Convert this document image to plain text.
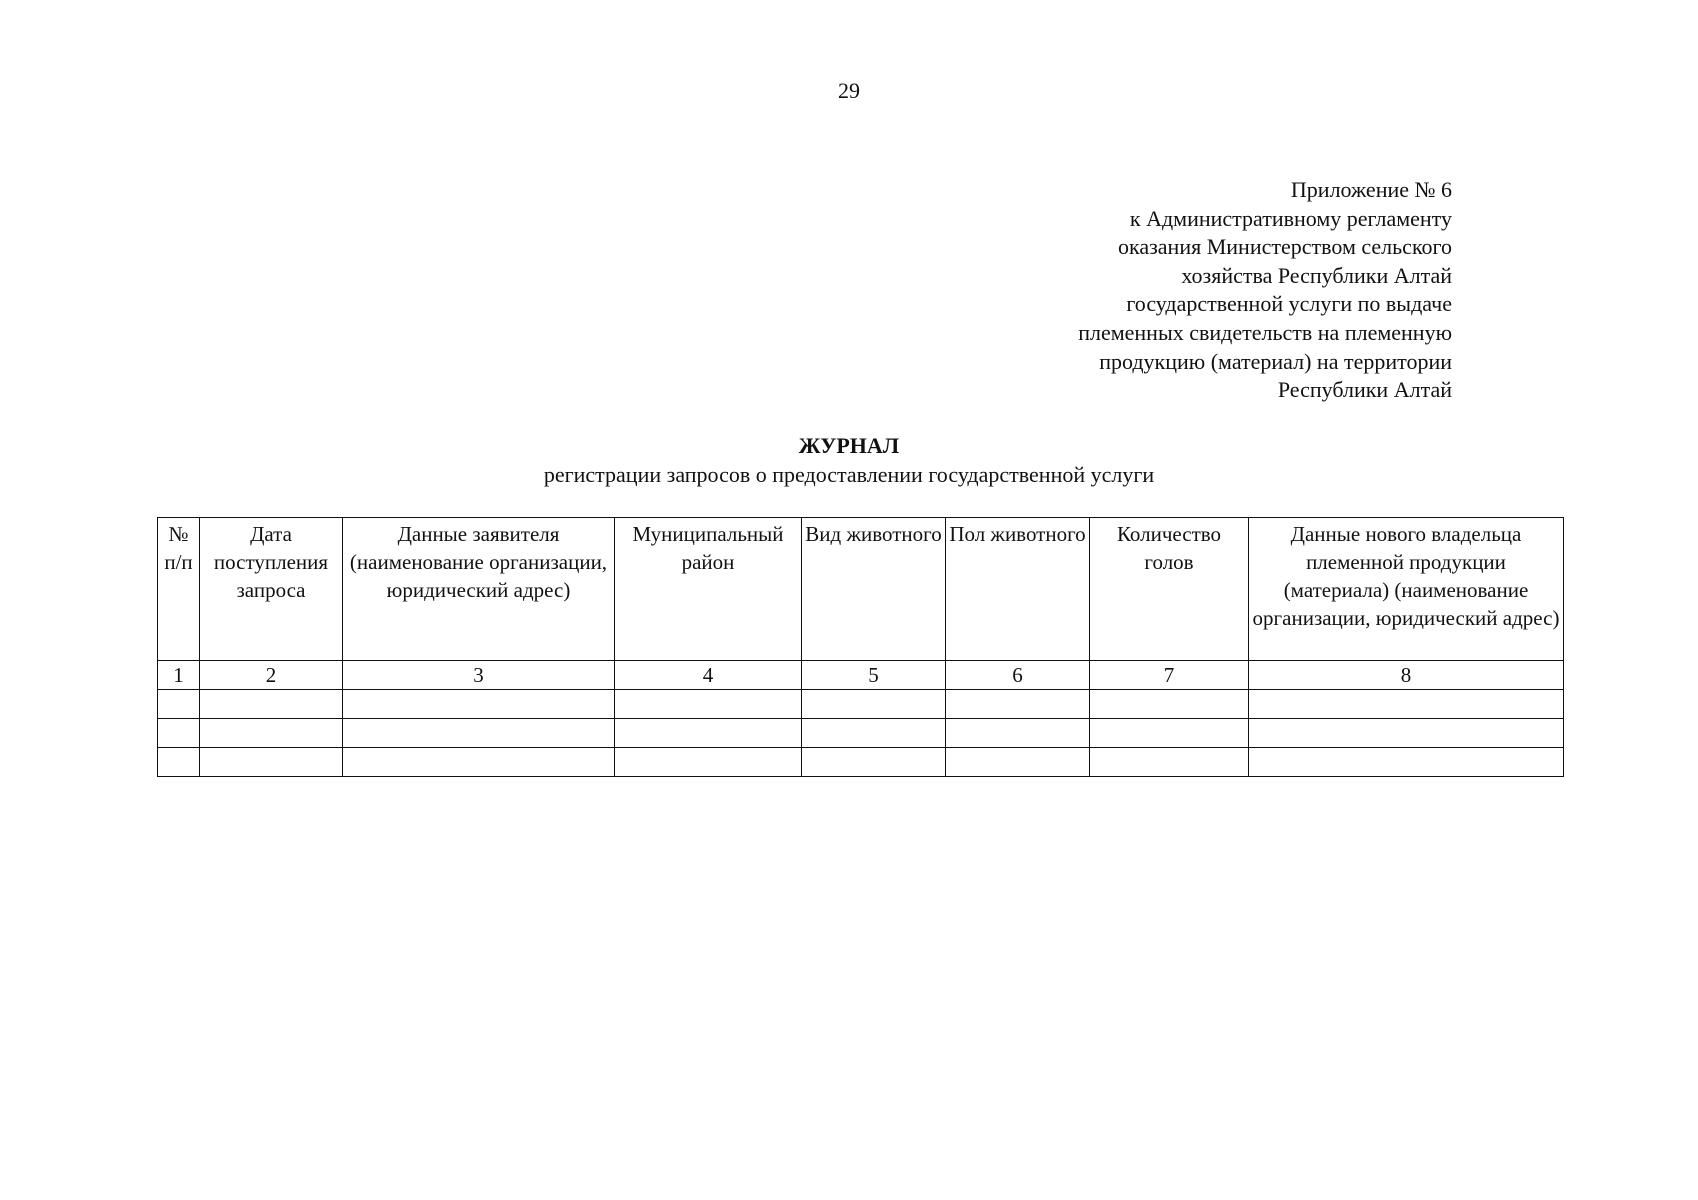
29
Приложение № 6
к Административному регламенту
оказания Министерством сельского
хозяйства Республики Алтай
государственной услуги по выдаче
племенных свидетельств на племенную
продукцию (материал) на территории
Республики Алтай
ЖУРНАЛ
регистрации запросов о предоставлении государственной услуги
№ п/п	Дата поступления запроса	Данные заявителя (наименование организации, юридический адрес)	Муниципальный район	Вид животного	Пол животного	Количество голов	Данные нового владельца племенной продукции (материала) (наименование организации, юридический адрес)
1	2	3	4	5	6	7	8
